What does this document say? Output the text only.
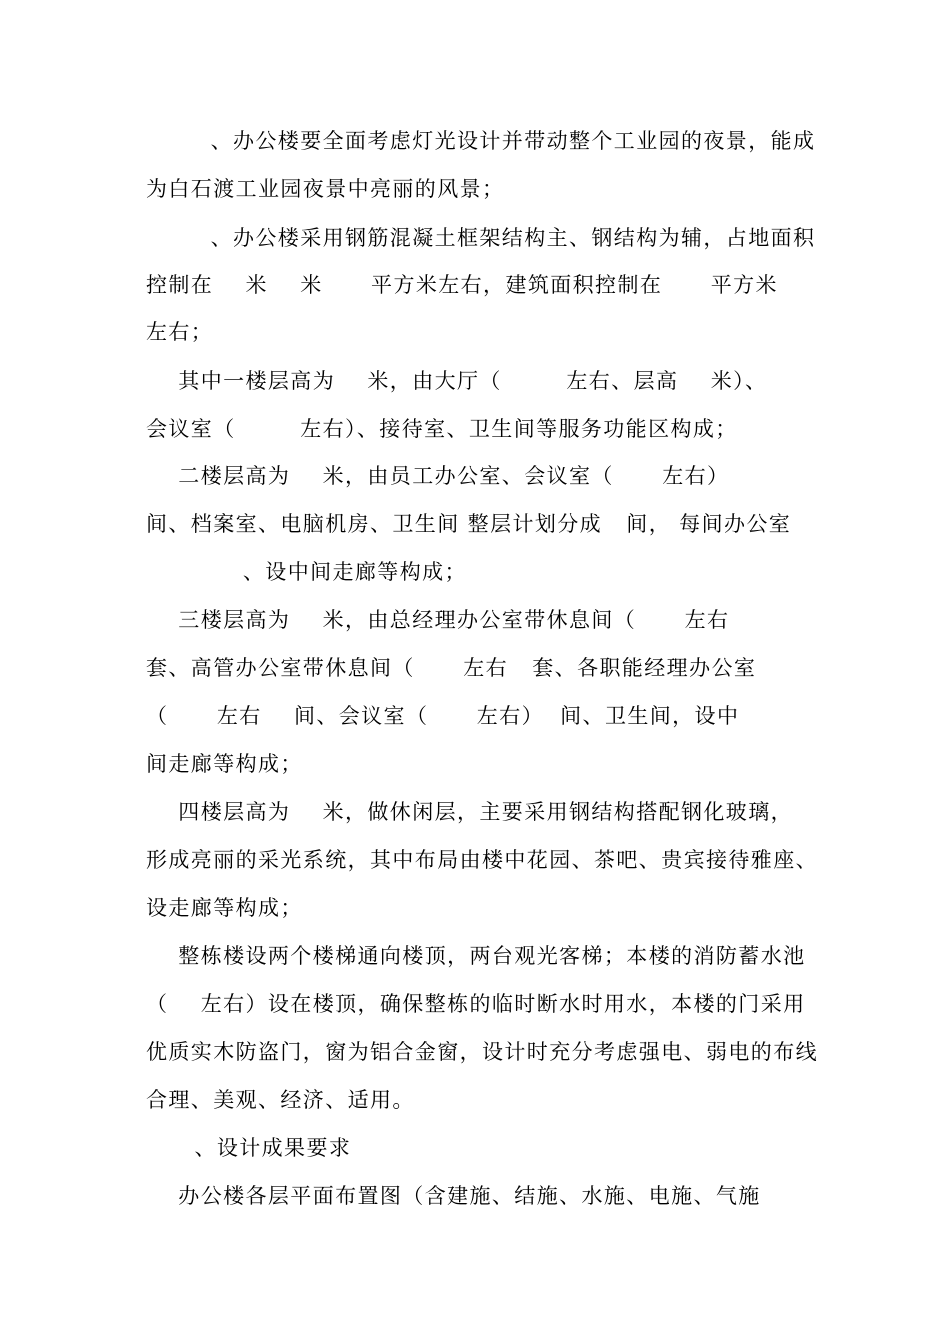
、办公楼要全面考虑灯光设计并带动整个工业园的夜景，能成
为白石渡工业园夜景中亮丽的风景；
、办公楼采用钢筋混凝土框架结构主、钢结构为辅，占地面积
控制在    米    米      平方米左右，建筑面积控制在      平方米
左右；
其中一楼层高为    米，由大厅（        左右、层高    米）、
会议室（        左右）、接待室、卫生间等服务功能区构成；
二楼层高为    米，由员工办公室、会议室（      左右）
间、档案室、电脑机房、卫生间 整层计划分成   间， 每间办公室
、设中间走廊等构成；
三楼层高为    米，由总经理办公室带休息间（      左右
套、高管办公室带休息间（      左右   套、各职能经理办公室
（      左右    间、会议室（      左右）  间、卫生间，设中
间走廊等构成；
四楼层高为    米，做休闲层，主要采用钢结构搭配钢化玻璃，
形成亮丽的采光系统，其中布局由楼中花园、茶吧、贵宾接待雅座、
设走廊等构成；
整栋楼设两个楼梯通向楼顶，两台观光客梯；本楼的消防蓄水池
（    左右）设在楼顶，确保整栋的临时断水时用水，本楼的门采用
优质实木防盗门，窗为铝合金窗，设计时充分考虑强电、弱电的布线
合理、美观、经济、适用。
、设计成果要求
办公楼各层平面布置图（含建施、结施、水施、电施、气施
